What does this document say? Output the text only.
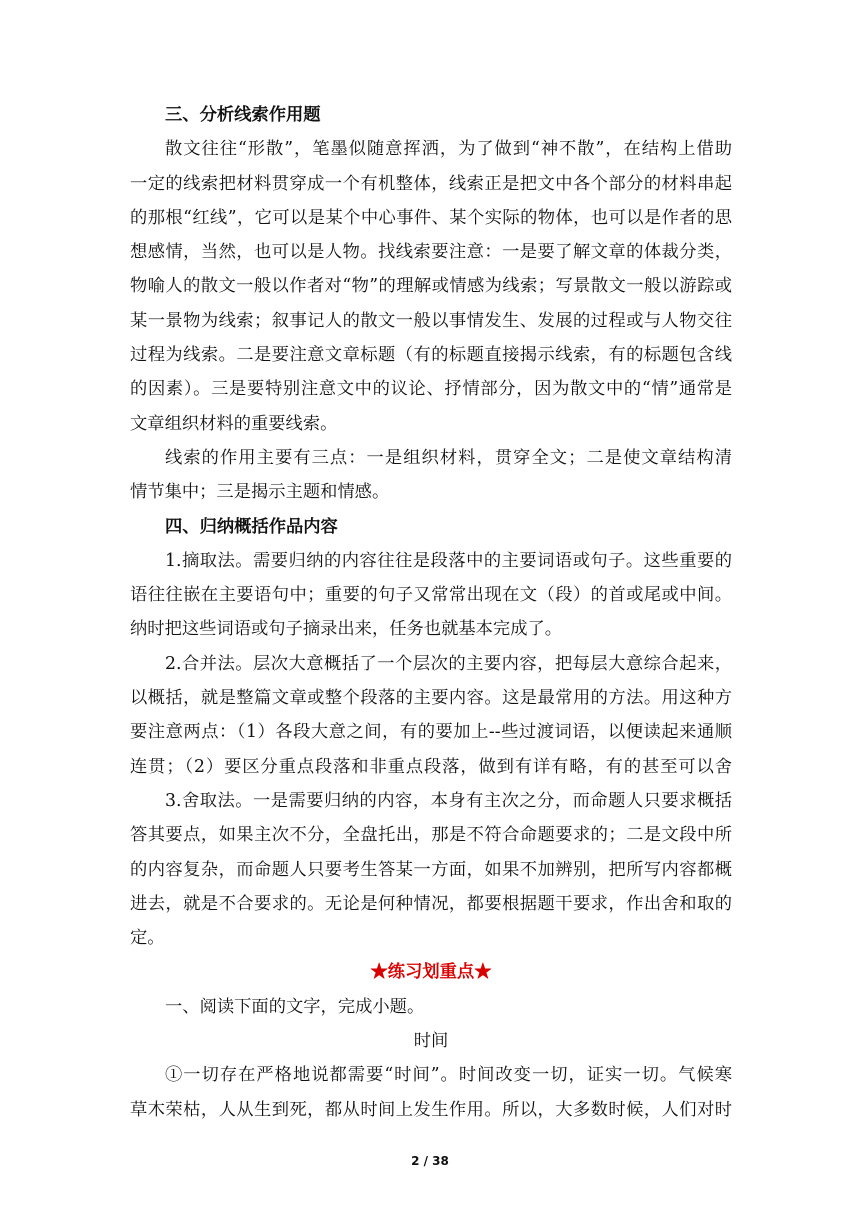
三、分析线索作用题
散文往往“形散”，笔墨似随意挥洒，为了做到“神不散”，在结构上借助
一定的线索把材料贯穿成一个有机整体，线索正是把文中各个部分的材料串起
的那根“红线”，它可以是某个中心事件、某个实际的物体，也可以是作者的思
想感情，当然，也可以是人物。找线索要注意：一是要了解文章的体裁分类，
物喻人的散文一般以作者对“物”的理解或情感为线索；写景散文一般以游踪或
某一景物为线索；叙事记人的散文一般以事情发生、发展的过程或与人物交往
过程为线索。二是要注意文章标题（有的标题直接揭示线索，有的标题包含线
的因素）。三是要特别注意文中的议论、抒情部分，因为散文中的“情”通常是
文章组织材料的重要线索。
线索的作用主要有三点：一是组织材料，贯穿全文；二是使文章结构清
情节集中；三是揭示主题和情感。
四、归纳概括作品内容
1.摘取法。需要归纳的内容往往是段落中的主要词语或句子。这些重要的
语往往嵌在主要语句中；重要的句子又常常出现在文（段）的首或尾或中间。
纳时把这些词语或句子摘录出来，任务也就基本完成了。
2.合并法。层次大意概括了一个层次的主要内容，把每层大意综合起来，
以概括，就是整篇文章或整个段落的主要内容。这是最常用的方法。用这种方
要注意两点：（1）各段大意之间，有的要加上--些过渡词语，以便读起来通顺
连贯；（2）要区分重点段落和非重点段落，做到有详有略，有的甚至可以舍
3.舍取法。一是需要归纳的内容，本身有主次之分，而命题人只要求概括
答其要点，如果主次不分，全盘托出，那是不符合命题要求的；二是文段中所
的内容复杂，而命题人只要考生答某一方面，如果不加辨别，把所写内容都概
进去，就是不合要求的。无论是何种情况，都要根据题干要求，作出舍和取的
定。
★练习划重点★
一、阅读下面的文字，完成小题。
时间
①一切存在严格地说都需要“时间”。时间改变一切，证实一切。气候寒
草木荣枯，人从生到死，都从时间上发生作用。所以，大多数时候，人们对时
2 / 38
